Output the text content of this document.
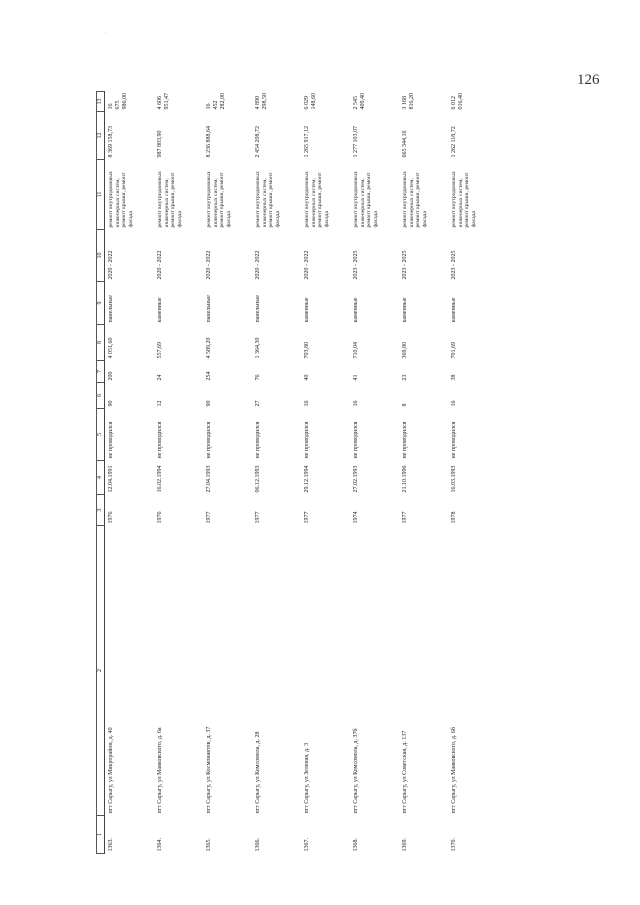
126
1	2	3	4	5	6	7	8	9	10	11	12	13
1363.	пгт Сарыгу, ул Микрорайон, д. 40	1976	12.04.1991	не проводился	90	200	4 051,60	панельные	2020 - 2022	ремонт внутридомовых инженерных систем, ремонт крыши, ремонт фасада	8 369 158,73	16 675 986,00
1364.	пгт Сарыгу, ул Маяковского, д. 6а	1976	16.02.1994	не проводился	12	24	557,69	каменные	2020 - 2022	ремонт внутридомовых инженерных систем, ремонт крыши, ремонт фасада	987 803,90	4 606 951,47
1365.	пгт Сарыгу, ул Космонавтов, д. 37	1977	27.04.1993	не проводился	90	254	4 589,20	панельные	2020 - 2022	ремонт внутридомовых инженерных систем, ремонт крыши, ремонт фасада	8 236 888,64	16 452 282,00
1366.	пгт Сарыгу, ул Комсомола, д. 28	1977	06.12.1993	не проводился	27	76	1 364,30	панельные	2020 - 2022	ремонт внутридомовых инженерных систем, ремонт крыши, ремонт фасада	2 454 208,72	4 890 298,50
1367.	пгт Сарыгу, ул Зеленая, д. 3	1977	29.12.1994	не проводился	16	40	703,80	каменные	2020 - 2022	ремонт внутридомовых инженерных систем, ремонт крыши, ремонт фасада	1 265 917,12	6 029 148,60
1368.	пгт Сарыгу, ул Комсомола, д. 37б	1974	27.02.1993	не проводился	16	41	710,04	каменные	2023 - 2025	ремонт внутридомовых инженерных систем, ремонт крыши, ремонт фасада	1 277 103,07	2 545 409,40
1369.	пгт Сарыгу, ул Советская, д. 137	1977	21.10.1996	не проводился	8	23	369,80	каменные	2023 - 2025	ремонт внутридомовых инженерных систем, ремонт крыши, ремонт фасада	665 344,16	3 168 816,20
1370.	пгт Сарыгу, ул Маяковского, д. 6б	1978	16.03.1993	не проводился	16	38	701,69	каменные	2023 - 2025	ремонт внутридомовых инженерных систем, ремонт крыши, ремонт фасада	1 262 118,72	6 012 016,40
·
